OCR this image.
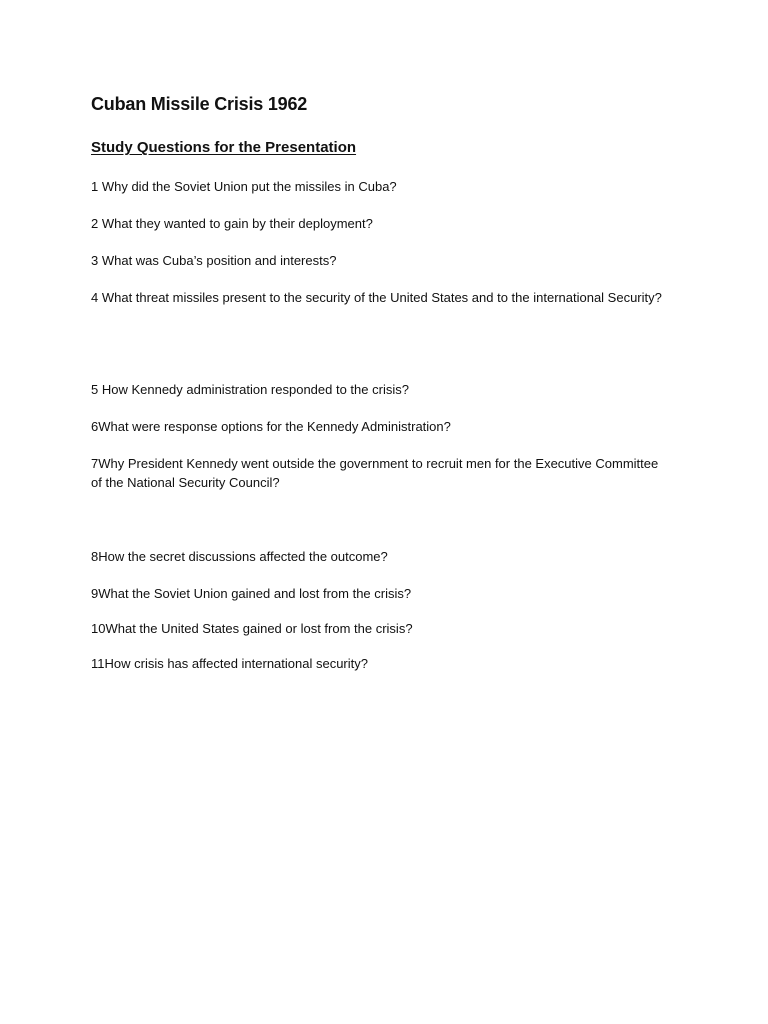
Cuban Missile Crisis 1962
Study Questions for the Presentation

1 Why did the Soviet Union put the missiles in Cuba?

2 What they wanted to gain by their deployment?

3 What was Cuba’s position and interests?

4 What threat missiles present to the security of the United States and to the international Security?

5 How Kennedy administration responded to the crisis?

6What were response options for the Kennedy Administration?

7Why President Kennedy went outside the government to recruit men for the Executive Committee of the National Security Council?

8How the secret discussions affected the outcome?

9What the Soviet Union gained and lost from the crisis?

10What the United States gained or lost from the crisis?

11How crisis has affected international security?
